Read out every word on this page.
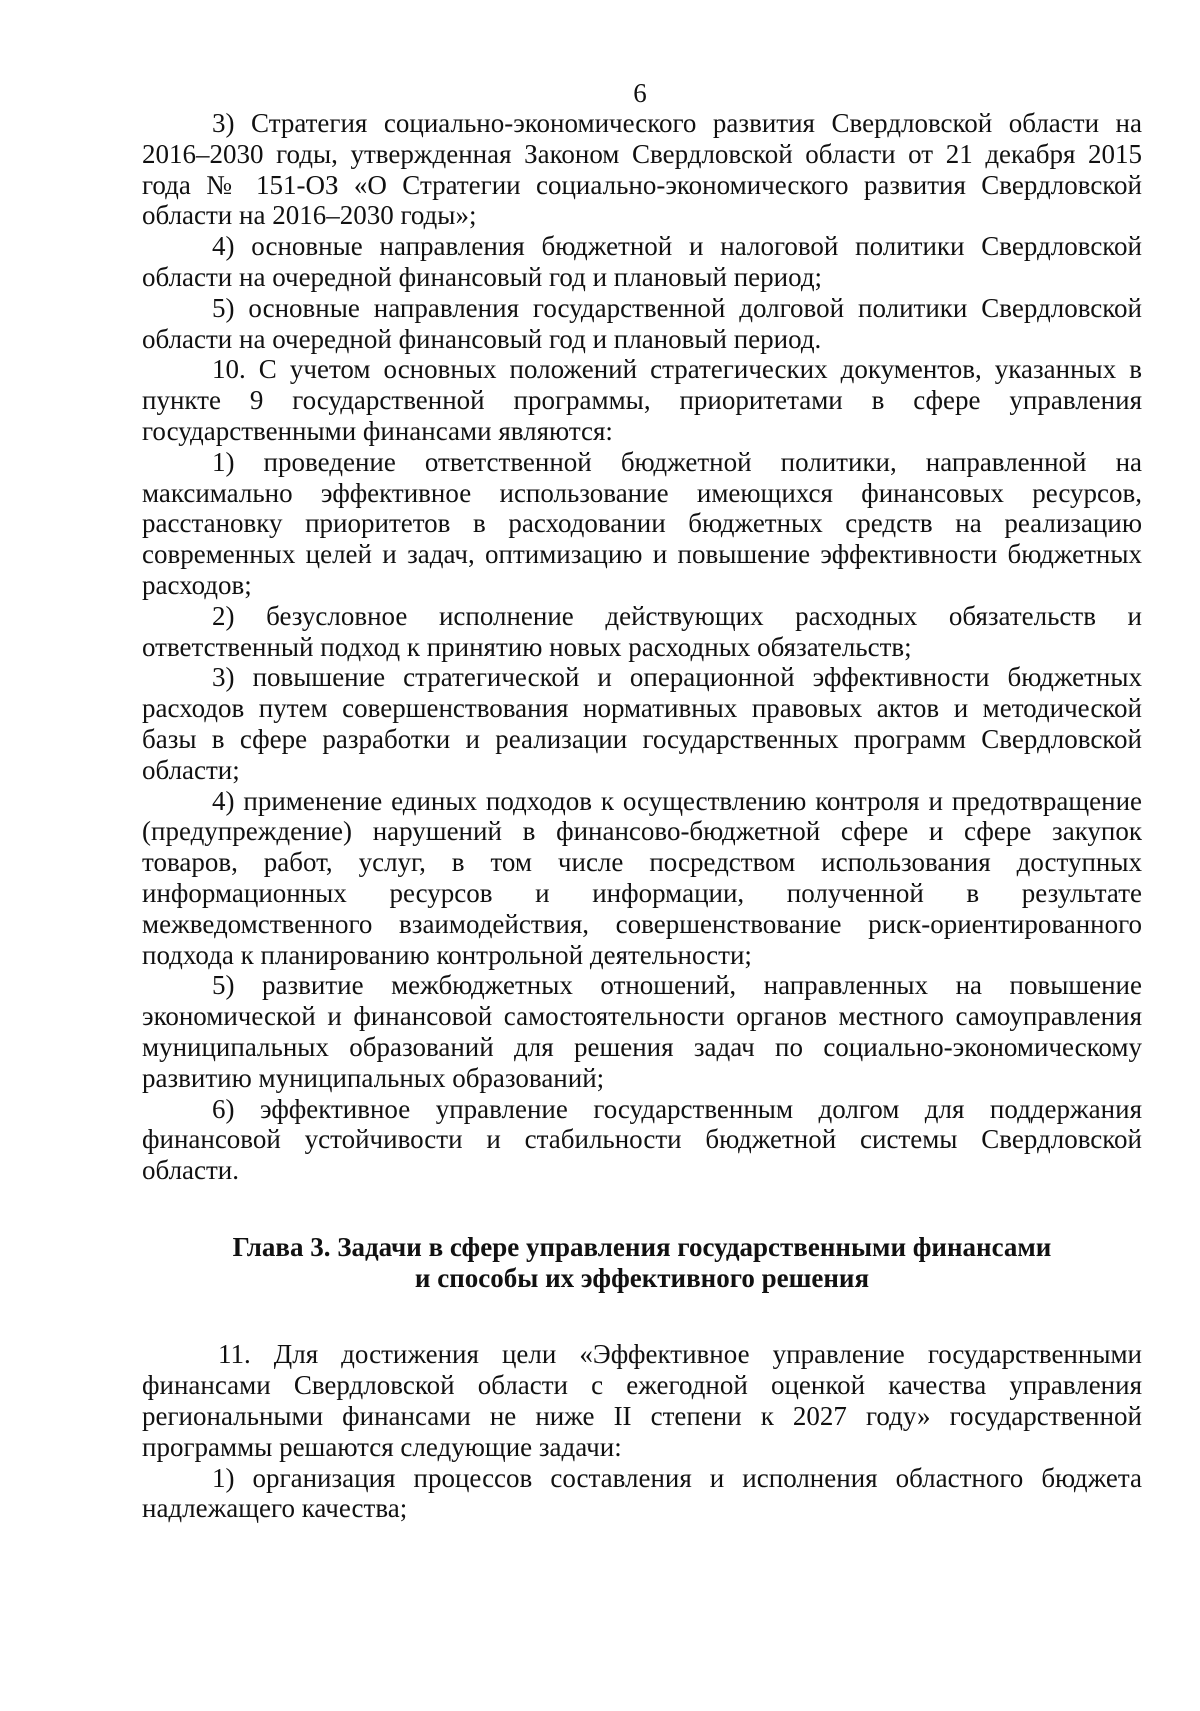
6

3) Стратегия социально-экономического развития Свердловской области на 2016–2030 годы, утвержденная Законом Свердловской области от 21 декабря 2015 года № 151-ОЗ «О Стратегии социально-экономического развития Свердловской области на 2016–2030 годы»;

4) основные направления бюджетной и налоговой политики Свердловской области на очередной финансовый год и плановый период;

5) основные направления государственной долговой политики Свердловской области на очередной финансовый год и плановый период.

10. С учетом основных положений стратегических документов, указанных в пункте 9 государственной программы, приоритетами в сфере управления государственными финансами являются:

1) проведение ответственной бюджетной политики, направленной на максимально эффективное использование имеющихся финансовых ресурсов, расстановку приоритетов в расходовании бюджетных средств на реализацию современных целей и задач, оптимизацию и повышение эффективности бюджетных расходов;

2) безусловное исполнение действующих расходных обязательств и ответственный подход к принятию новых расходных обязательств;

3) повышение стратегической и операционной эффективности бюджетных расходов путем совершенствования нормативных правовых актов и методической базы в сфере разработки и реализации государственных программ Свердловской области;

4) применение единых подходов к осуществлению контроля и предотвращение (предупреждение) нарушений в финансово-бюджетной сфере и сфере закупок товаров, работ, услуг, в том числе посредством использования доступных информационных ресурсов и информации, полученной в результате межведомственного взаимодействия, совершенствование риск-ориентированного подхода к планированию контрольной деятельности;

5) развитие межбюджетных отношений, направленных на повышение экономической и финансовой самостоятельности органов местного самоуправления муниципальных образований для решения задач по социально-экономическому развитию муниципальных образований;

6) эффективное управление государственным долгом для поддержания финансовой устойчивости и стабильности бюджетной системы Свердловской области.

Глава 3. Задачи в сфере управления государственными финансами
и способы их эффективного решения

11. Для достижения цели «Эффективное управление государственными финансами Свердловской области с ежегодной оценкой качества управления региональными финансами не ниже II степени к 2027 году» государственной программы решаются следующие задачи:

1) организация процессов составления и исполнения областного бюджета надлежащего качества;
